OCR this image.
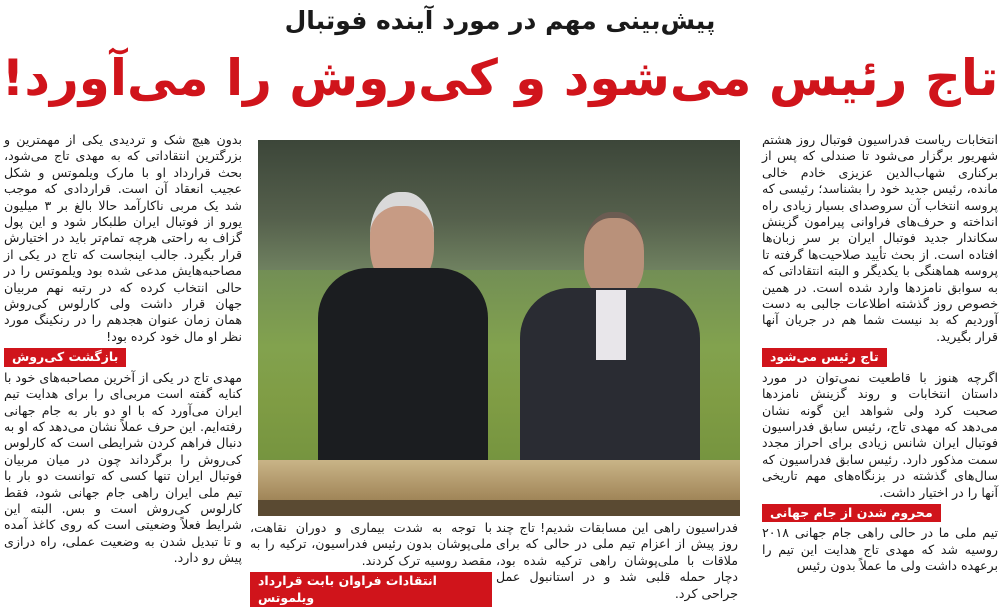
پیش‌بینی مهم در مورد آینده فوتبال
تاج رئیس می‌شود و کی‌روش را می‌آورد!

انتخابات ریاست فدراسیون فوتبال روز هشتم شهریور برگزار می‌شود تا صندلی که پس از برکناری شهاب‌الدین عزیزی خادم خالی مانده، رئیس جدید خود را بشناسد؛ رئیسی که پروسه انتخاب آن سروصدای بسیار زیادی راه انداخته و حرف‌های فراوانی پیرامون گزینش سکاندار جدید فوتبال ایران بر سر زبان‌ها افتاده است. از بحث تأیید صلاحیت‌ها گرفته تا پروسه هماهنگی با یکدیگر و البته انتقاداتی که به سوابق نامزدها وارد شده است. در همین خصوص روز گذشته اطلاعات جالبی به دست آوردیم که بد نیست شما هم در جریان آنها قرار بگیرید.

تاج رئیس می‌شود

اگرچه هنوز با قاطعیت نمی‌توان در مورد داستان انتخابات و روند گزینش نامزدها صحبت کرد ولی شواهد این گونه نشان می‌دهد که مهدی تاج، رئیس سابق فدراسیون فوتبال ایران شانس زیادی برای احراز مجدد سمت مذکور دارد. رئیس سابق فدراسیون که سال‌های گذشته در بزنگاه‌های مهم تاریخی آنها را در اختیار داشت.

محروم شدن از جام جهانی

تیم ملی ما در حالی راهی جام جهانی ۲۰۱۸ روسیه شد که مهدی تاج هدایت این تیم را برعهده داشت ولی ما عملاً بدون رئیس

بدون هیچ شک و تردیدی یکی از مهمترین و بزرگترین انتقاداتی که به مهدی تاج می‌شود، بحث قرارداد او با مارک ویلموتس و شکل عجیب انعقاد آن است. قراردادی که موجب شد یک مربی ناکارآمد حالا بالغ بر ۳ میلیون یورو از فوتبال ایران طلبکار شود و این پول گزاف به راحتی هرچه تمام‌تر باید در اختیارش قرار بگیرد. جالب اینجاست که تاج در یکی از مصاحبه‌هایش مدعی شده بود ویلموتس را در حالی انتخاب کرده که در رتبه نهم مربیان جهان قرار داشت ولی کارلوس کی‌روش همان زمان عنوان هجدهم را در رنکینگ مورد نظر او مال خود کرده بود!

بازگشت کی‌روش

مهدی تاج در یکی از آخرین مصاحبه‌های خود با کنایه گفته است مربی‌ای را برای هدایت تیم ایران می‌آورد که با او دو بار به جام جهانی رفته‌ایم. این حرف عملاً نشان می‌دهد که او به دنبال فراهم کردن شرایطی است که کارلوس کی‌روش را برگرداند چون در میان مربیان فوتبال ایران تنها کسی که توانست دو بار با تیم ملی ایران راهی جام جهانی شود، فقط کارلوس کی‌روش است و بس. البته این شرایط فعلاً وضعیتی است که روی کاغذ آمده و تا تبدیل شدن به وضعیت عملی، راه درازی پیش رو دارد.

فدراسیون راهی این مسابقات شدیم! تاج چند روز پیش از اعزام تیم ملی در حالی که برای ملاقات با ملی‌پوشان راهی ترکیه شده بود، دچار حمله قلبی شد و در استانبول عمل جراحی کرد.
با توجه به شدت بیماری و دوران نقاهت، ملی‌پوشان بدون رئیس فدراسیون، ترکیه را به مقصد روسیه ترک کردند.
انتقادات فراوان بابت قرارداد ویلموتس
